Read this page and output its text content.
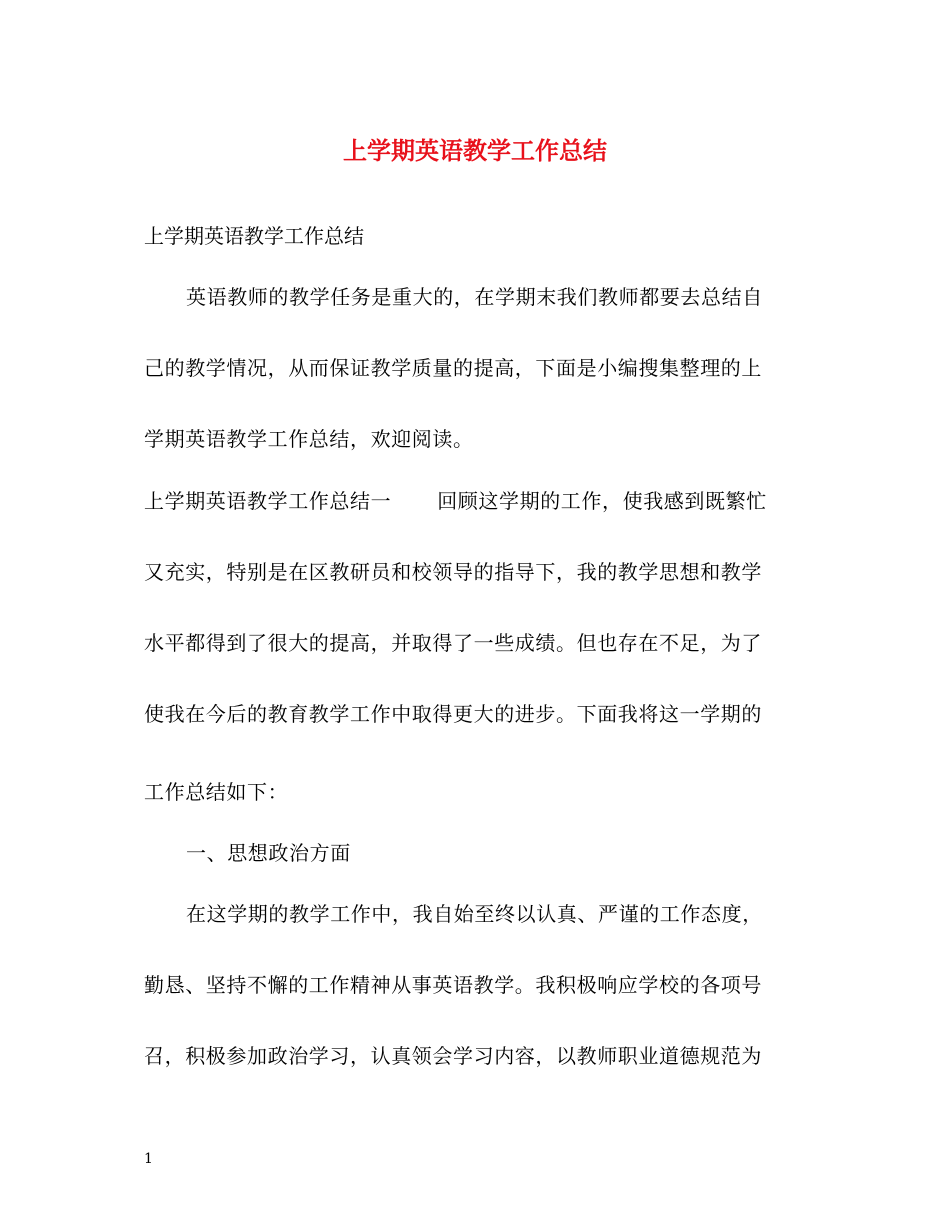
上学期英语教学工作总结
上学期英语教学工作总结
英语教师的教学任务是重大的，在学期末我们教师都要去总结自
己的教学情况，从而保证教学质量的提高，下面是小编搜集整理的上
学期英语教学工作总结，欢迎阅读。
上学期英语教学工作总结一 回顾这学期的工作，使我感到既繁忙
又充实，特别是在区教研员和校领导的指导下，我的教学思想和教学
水平都得到了很大的提高，并取得了一些成绩。但也存在不足，为了
使我在今后的教育教学工作中取得更大的进步。下面我将这一学期的
工作总结如下：
一、思想政治方面
在这学期的教学工作中，我自始至终以认真、严谨的工作态度，
勤恳、坚持不懈的工作精神从事英语教学。我积极响应学校的各项号
召，积极参加政治学习，认真领会学习内容，以教师职业道德规范为
1
